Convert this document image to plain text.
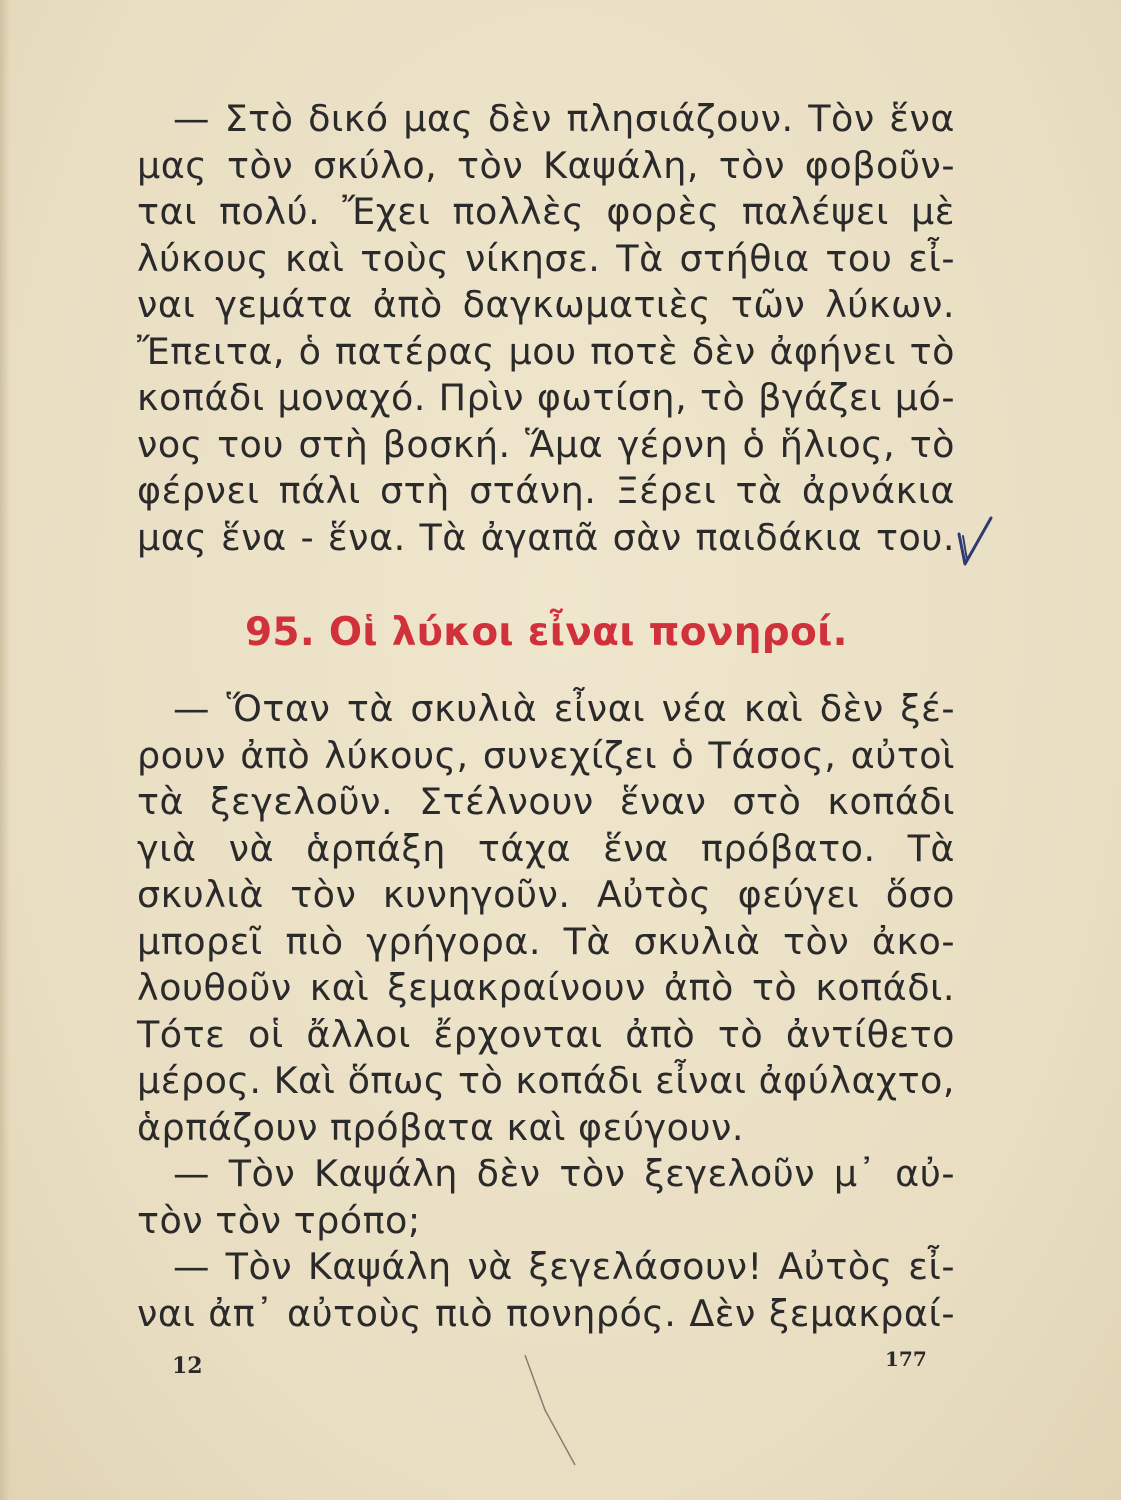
— Στὸ δικό μας δὲν πλησιάζουν. Τὸν ἕνα
μας τὸν σκύλο, τὸν Καψάλη, τὸν φοβοῦν-
ται πολύ. Ἔχει πολλὲς φορὲς παλέψει μὲ
λύκους καὶ τοὺς νίκησε. Τὰ στήθια του εἶ-
ναι γεμάτα ἀπὸ δαγκωματιὲς τῶν λύκων.
Ἔπειτα, ὁ πατέρας μου ποτὲ δὲν ἀφήνει τὸ
κοπάδι μοναχό. Πρὶν φωτίση, τὸ βγάζει μό-
νος του στὴ βοσκή. Ἅμα γέρνη ὁ ἥλιος, τὸ
φέρνει πάλι στὴ στάνη. Ξέρει τὰ ἀρνάκια
μας ἕνα - ἕνα. Τὰ ἀγαπᾶ σὰν παιδάκια του.
95. Οἱ λύκοι εἶναι πονηροί.
— Ὅταν τὰ σκυλιὰ εἶναι νέα καὶ δὲν ξέ-
ρουν ἀπὸ λύκους, συνεχίζει ὁ Τάσος, αὐτοὶ
τὰ ξεγελοῦν. Στέλνουν ἕναν στὸ κοπάδι
γιὰ νὰ ἁρπάξη τάχα ἕνα πρόβατο. Τὰ
σκυλιὰ τὸν κυνηγοῦν. Αὐτὸς φεύγει ὅσο
μπορεῖ πιὸ γρήγορα. Τὰ σκυλιὰ τὸν ἀκο-
λουθοῦν καὶ ξεμακραίνουν ἀπὸ τὸ κοπάδι.
Τότε οἱ ἄλλοι ἔρχονται ἀπὸ τὸ ἀντίθετο
μέρος. Καὶ ὅπως τὸ κοπάδι εἶναι ἀφύλαχτο,
ἁρπάζουν πρόβατα καὶ φεύγουν.
— Τὸν Καψάλη δὲν τὸν ξεγελοῦν μ᾽ αὐ-
τὸν τὸν τρόπο;
— Τὸν Καψάλη νὰ ξεγελάσουν! Αὐτὸς εἶ-
ναι ἀπ᾽ αὐτοὺς πιὸ πονηρός. Δὲν ξεμακραί-
12	177
